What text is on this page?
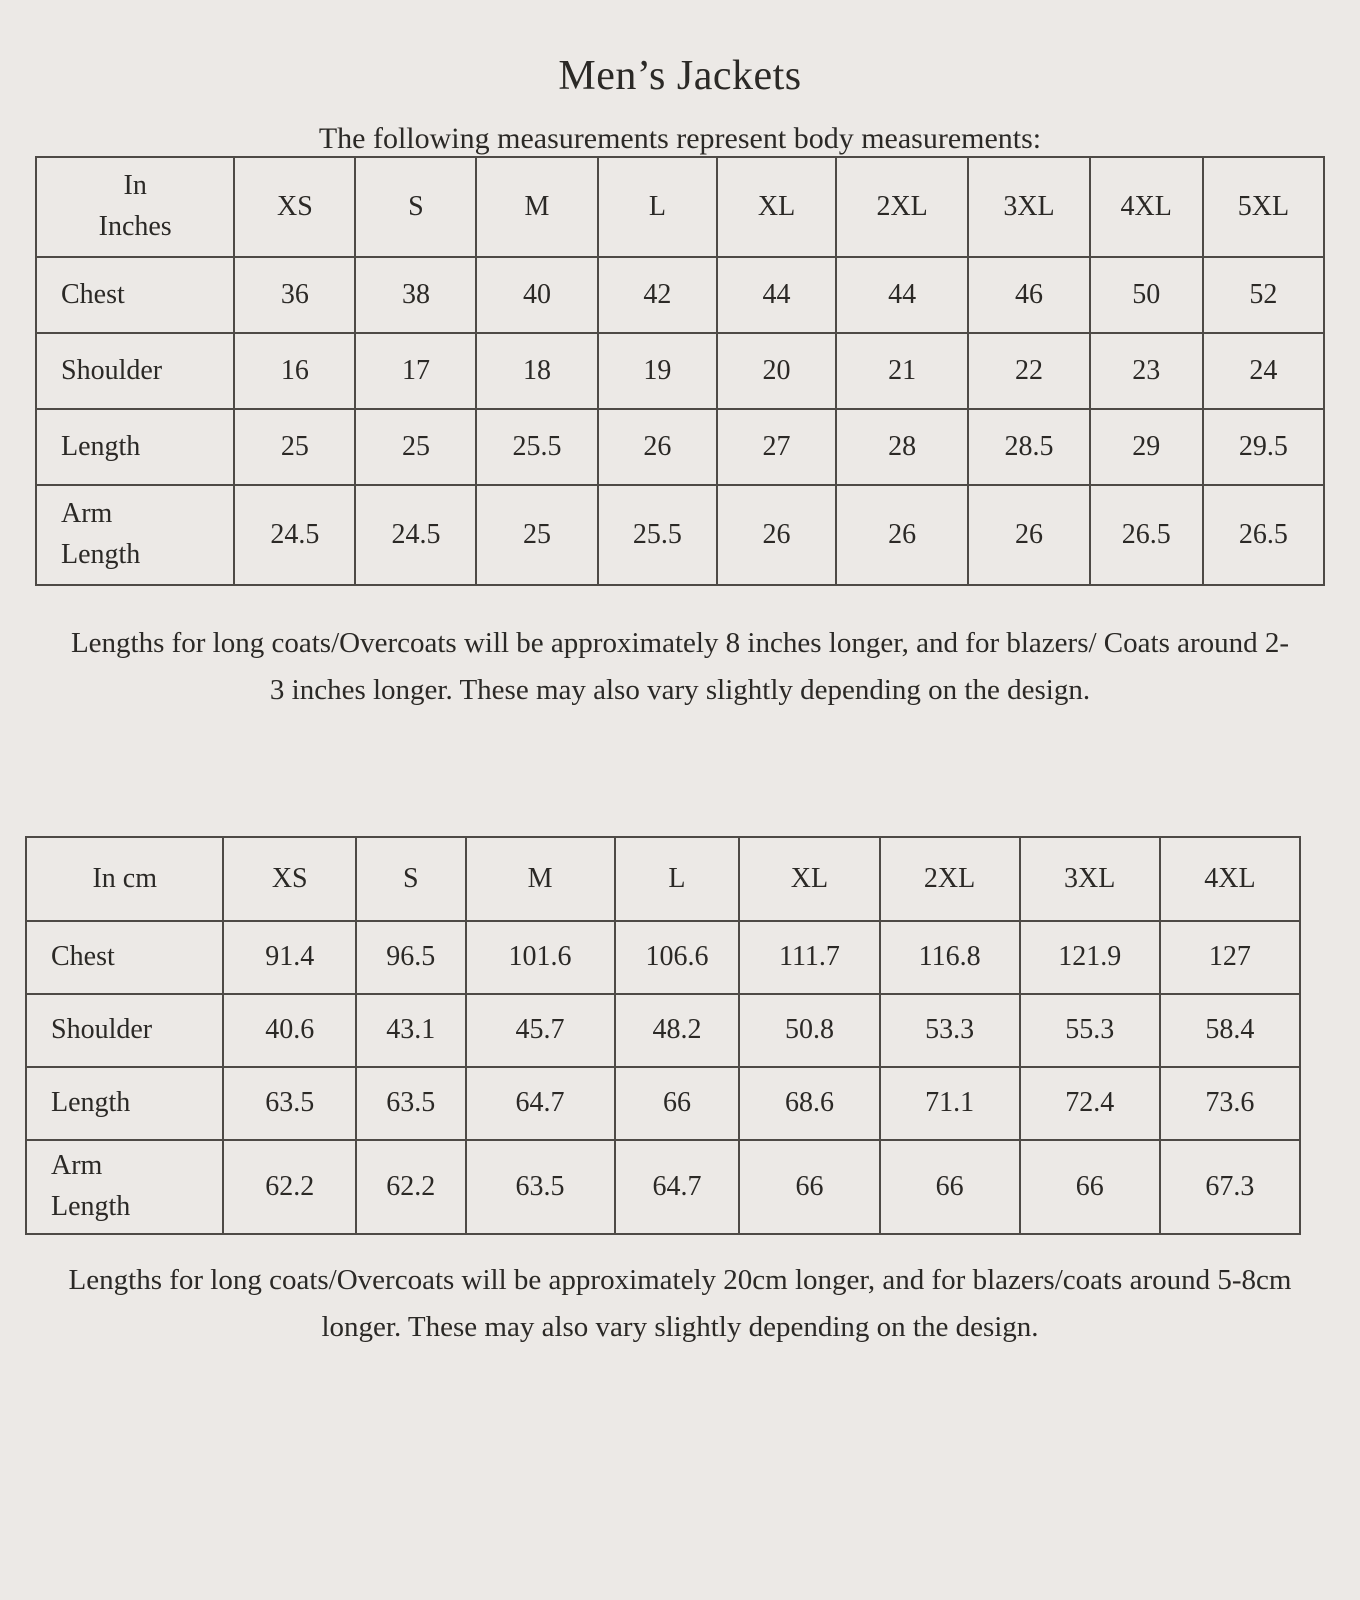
Men’s Jackets

The following measurements represent body measurements:

In Inches	XS	S	M	L	XL	2XL	3XL	4XL	5XL
Chest	36	38	40	42	44	44	46	50	52
Shoulder	16	17	18	19	20	21	22	23	24
Length	25	25	25.5	26	27	28	28.5	29	29.5
Arm Length	24.5	24.5	25	25.5	26	26	26	26.5	26.5

Lengths for long coats/Overcoats will be approximately 8 inches longer, and for blazers/ Coats around 2-3 inches longer. These may also vary slightly depending on the design.

In cm	XS	S	M	L	XL	2XL	3XL	4XL
Chest	91.4	96.5	101.6	106.6	111.7	116.8	121.9	127
Shoulder	40.6	43.1	45.7	48.2	50.8	53.3	55.3	58.4
Length	63.5	63.5	64.7	66	68.6	71.1	72.4	73.6
Arm Length	62.2	62.2	63.5	64.7	66	66	66	67.3

Lengths for long coats/Overcoats will be approximately 20cm longer, and for blazers/coats around 5-8cm longer. These may also vary slightly depending on the design.
